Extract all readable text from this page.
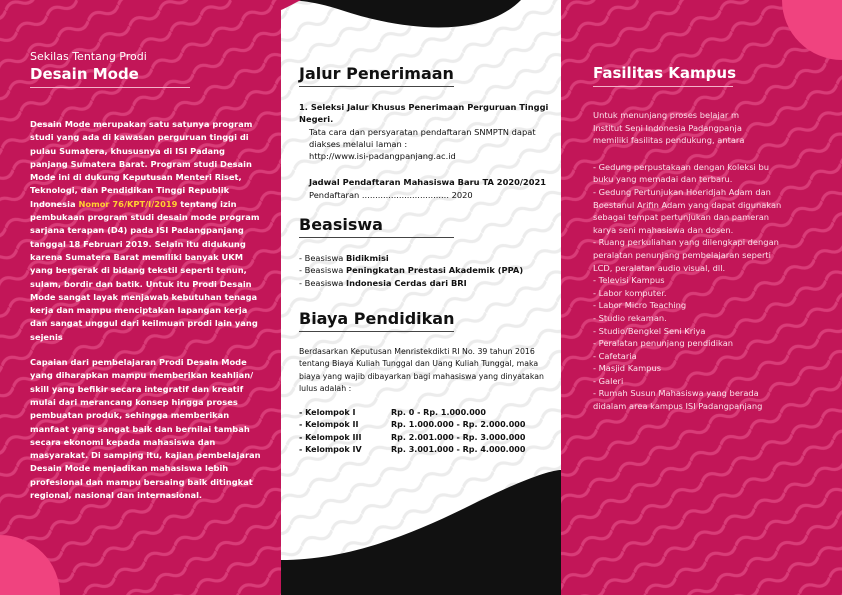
Sekilas Tentang Prodi
Desain Mode

Desain Mode merupakan satu satunya program studi yang ada di kawasan perguruan tinggi di pulau Sumatera, khususnya di ISI Padang panjang Sumatera Barat. Program studi Desain Mode ini di dukung Keputusan Menteri Riset, Teknologi, dan Pendidikan Tinggi Republik Indonesia Nomor 76/KPT/I/2019 tentang izin pembukaan program studi desain mode program sarjana terapan (D4) pada ISI Padangpanjang tanggal 18 Februari 2019. Selain itu didukung karena Sumatera Barat memiliki banyak UKM yang bergerak di bidang tekstil seperti tenun, sulam, bordir dan batik. Untuk itu Prodi Desain Mode sangat layak menjawab kebutuhan tenaga kerja dan mampu menciptakan lapangan kerja dan sangat unggul dari keilmuan prodi lain yang sejenis

Capaian dari pembelajaran Prodi Desain Mode yang diharapkan mampu memberikan keahlian/ skill yang befikir secara integratif dan kreatif mulai dari merancang konsep hingga proses pembuatan produk, sehingga memberikan manfaat yang sangat baik dan bernilai tambah secara ekonomi kepada mahasiswa dan masyarakat. Di samping itu, kajian pembelajaran Desain Mode menjadikan mahasiswa lebih profesional dan mampu bersaing baik ditingkat regional, nasional dan internasional.

Jalur Penerimaan
1. Seleksi Jalur Khusus Penerimaan Perguruan Tinggi Negeri.
Tata cara dan persyaratan pendaftaran SNMPTN dapat diakses melalui laman :
http://www.isi-padangpanjang.ac.id
Jadwal Pendaftaran Mahasiswa Baru TA 2020/2021
Pendaftaran ................................. 2020
Beasiswa
- Beasiswa Bidikmisi
- Beasiswa Peningkatan Prestasi Akademik (PPA)
- Beasiswa Indonesia Cerdas dari BRI
Biaya Pendidikan
Berdasarkan Keputusan Menristekdikti RI No. 39 tahun 2016 tentang Biaya Kuliah Tunggal dan Uang Kuliah Tunggal, maka biaya yang wajib dibayarkan bagi mahasiswa yang dinyatakan lulus adalah :
- Kelompok I	Rp. 0 - Rp. 1.000.000
- Kelompok II	Rp. 1.000.000 - Rp. 2.000.000
- Kelompok III	Rp. 2.001.000 - Rp. 3.000.000
- Kelompok IV	Rp. 3.001.000 - Rp. 4.000.000
Fasilitas Kampus
Untuk menunjang proses belajar m Institut Seni Indonesia Padangpanja memiliki fasilitas pendukung, antara
- Gedung perpustakaan dengan koleksi bu
buku yang memadai dan terbaru.
- Gedung Pertunjukan Hoeridjah Adam dan
Boestanul Arifin Adam yang dapat digunakan
sebagai tempat pertunjukan dan pameran
karya seni mahasiswa dan dosen.
- Ruang perkuliahan yang dilengkapi dengan
peralatan penunjang pembelajaran seperti
LCD, peralatan audio visual, dll.
- Televisi Kampus
- Labor komputer.
- Labor Micro Teaching
- Studio rekaman.
- Studio/Bengkel Seni Kriya
- Peralatan penunjang pendidikan
- Cafetaria
- Masjid Kampus
- Galeri
- Rumah Susun Mahasiswa yang berada
didalam area kampus ISI Padangpanjang
